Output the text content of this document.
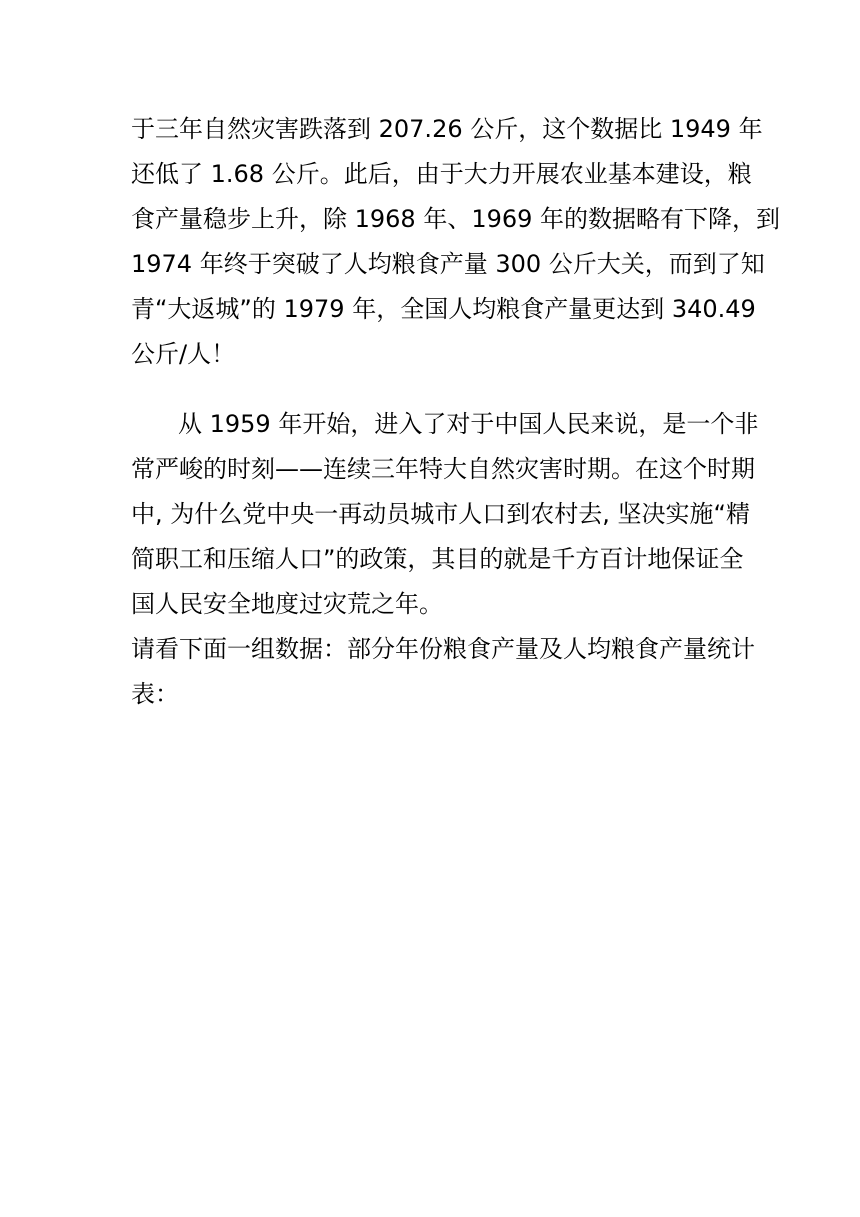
于三年自然灾害跌落到 207.26 公斤，这个数据比 1949 年
还低了 1.68 公斤。此后，由于大力开展农业基本建设，粮
食产量稳步上升，除 1968 年、1969 年的数据略有下降，到
1974 年终于突破了人均粮食产量 300 公斤大关，而到了知
青“大返城”的 1979 年，全国人均粮食产量更达到 340.49
公斤/人！
从 1959 年开始，进入了对于中国人民来说，是一个非
常严峻的时刻——连续三年特大自然灾害时期。在这个时期
中, 为什么党中央一再动员城市人口到农村去, 坚决实施“精
简职工和压缩人口”的政策，其目的就是千方百计地保证全
国人民安全地度过灾荒之年。
请看下面一组数据：部分年份粮食产量及人均粮食产量统计
表：
